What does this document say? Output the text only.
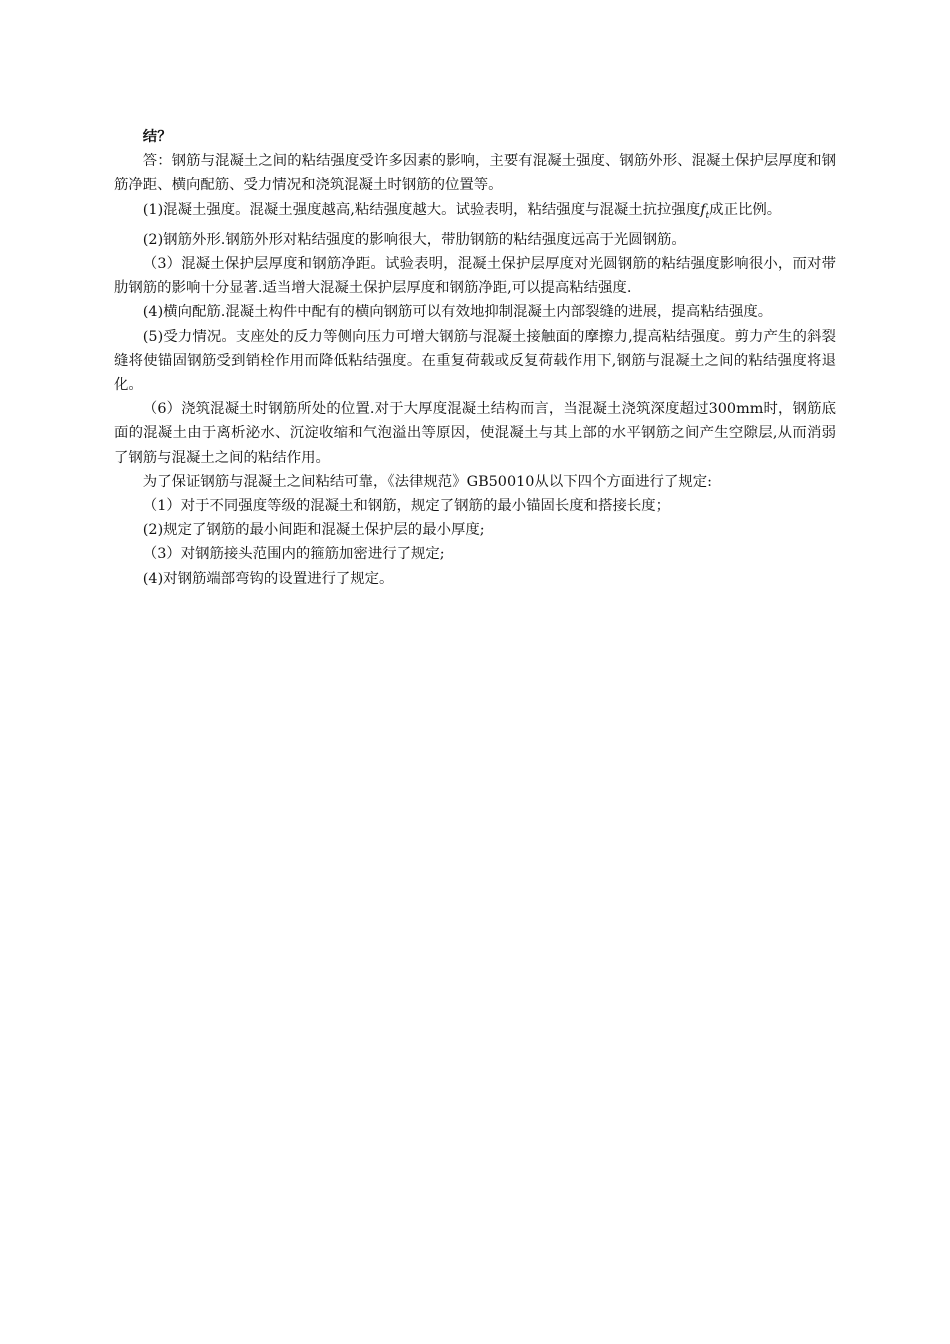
结？

答：钢筋与混凝土之间的粘结强度受许多因素的影响，主要有混凝土强度、钢筋外形、混凝土保护层厚度和钢筋净距、横向配筋、受力情况和浇筑混凝土时钢筋的位置等。

(1)混凝土强度。混凝土强度越高,粘结强度越大。试验表明，粘结强度与混凝土抗拉强度$f_t$成正比例。

(2)钢筋外形.钢筋外形对粘结强度的影响很大，带肋钢筋的粘结强度远高于光圆钢筋。

（3）混凝土保护层厚度和钢筋净距。试验表明，混凝土保护层厚度对光圆钢筋的粘结强度影响很小，而对带肋钢筋的影响十分显著.适当增大混凝土保护层厚度和钢筋净距,可以提高粘结强度.

(4)横向配筋.混凝土构件中配有的横向钢筋可以有效地抑制混凝土内部裂缝的进展，提高粘结强度。

(5)受力情况。支座处的反力等侧向压力可增大钢筋与混凝土接触面的摩擦力,提高粘结强度。剪力产生的斜裂缝将使锚固钢筋受到销栓作用而降低粘结强度。在重复荷载或反复荷载作用下,钢筋与混凝土之间的粘结强度将退化。

（6）浇筑混凝土时钢筋所处的位置.对于大厚度混凝土结构而言，当混凝土浇筑深度超过300mm时，钢筋底面的混凝土由于离析泌水、沉淀收缩和气泡溢出等原因，使混凝土与其上部的水平钢筋之间产生空隙层,从而消弱了钢筋与混凝土之间的粘结作用。

为了保证钢筋与混凝土之间粘结可靠，《法律规范》GB50010从以下四个方面进行了规定:

（1）对于不同强度等级的混凝土和钢筋，规定了钢筋的最小锚固长度和搭接长度；

(2)规定了钢筋的最小间距和混凝土保护层的最小厚度;

（3）对钢筋接头范围内的箍筋加密进行了规定;

(4)对钢筋端部弯钩的设置进行了规定。
